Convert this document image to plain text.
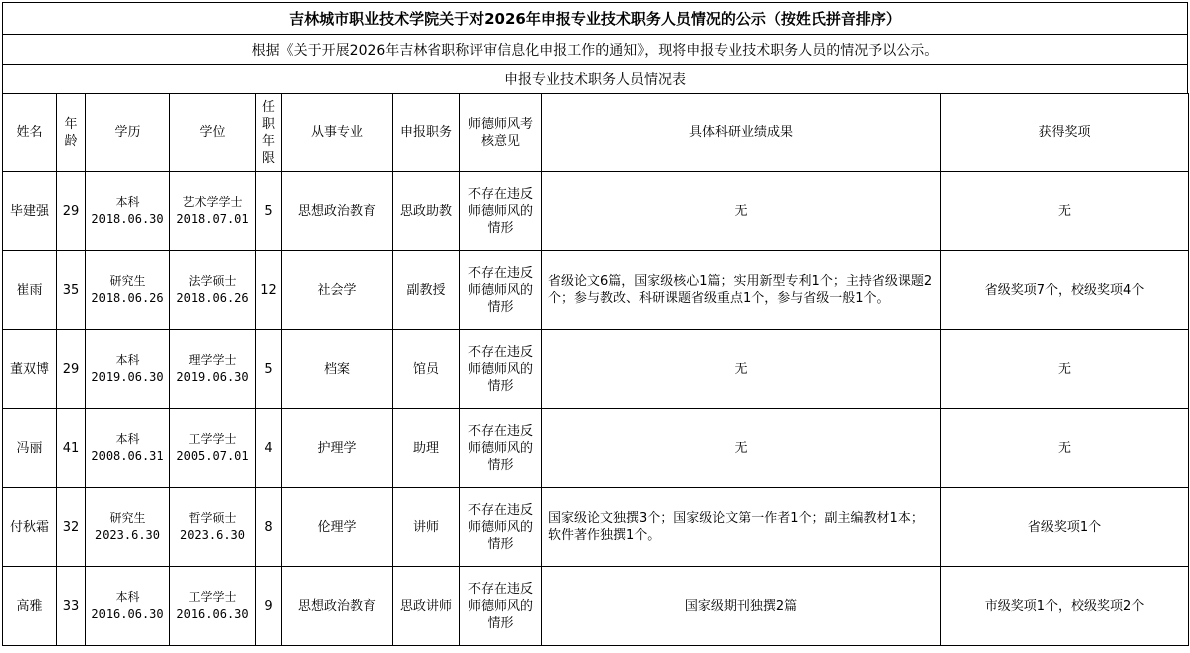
吉林城市职业技术学院关于对2026年申报专业技术职务人员情况的公示（按姓氏拼音排序）
根据《关于开展2026年吉林省职称评审信息化申报工作的通知》，现将申报专业技术职务人员的情况予以公示。
申报专业技术职务人员情况表
姓名	年
龄	学历	学位	任
职
年
限	从事专业	申报职务	师德师风考
核意见	具体科研业绩成果	获得奖项
毕建强	29	本科
2018.06.30	艺术学学士
2018.07.01	5	思想政治教育	思政助教	不存在违反
师德师风的
情形	无	无
崔雨	35	研究生
2018.06.26	法学硕士
2018.06.26	12	社会学	副教授	不存在违反
师德师风的
情形	省级论文6篇，国家级核心1篇；实用新型专利1个；主持省级课题2个；参与教改、科研课题省级重点1个，参与省级一般1个。	省级奖项7个，校级奖项4个
董双博	29	本科
2019.06.30	理学学士
2019.06.30	5	档案	馆员	不存在违反
师德师风的
情形	无	无
冯丽	41	本科
2008.06.31	工学学士
2005.07.01	4	护理学	助理	不存在违反
师德师风的
情形	无	无
付秋霜	32	研究生
2023.6.30	哲学硕士
2023.6.30	8	伦理学	讲师	不存在违反
师德师风的
情形	国家级论文独撰3个；国家级论文第一作者1个；副主编教材1本；软件著作独撰1个。	省级奖项1个
高雅	33	本科
2016.06.30	工学学士
2016.06.30	9	思想政治教育	思政讲师	不存在违反
师德师风的
情形	国家级期刊独撰2篇	市级奖项1个，校级奖项2个
